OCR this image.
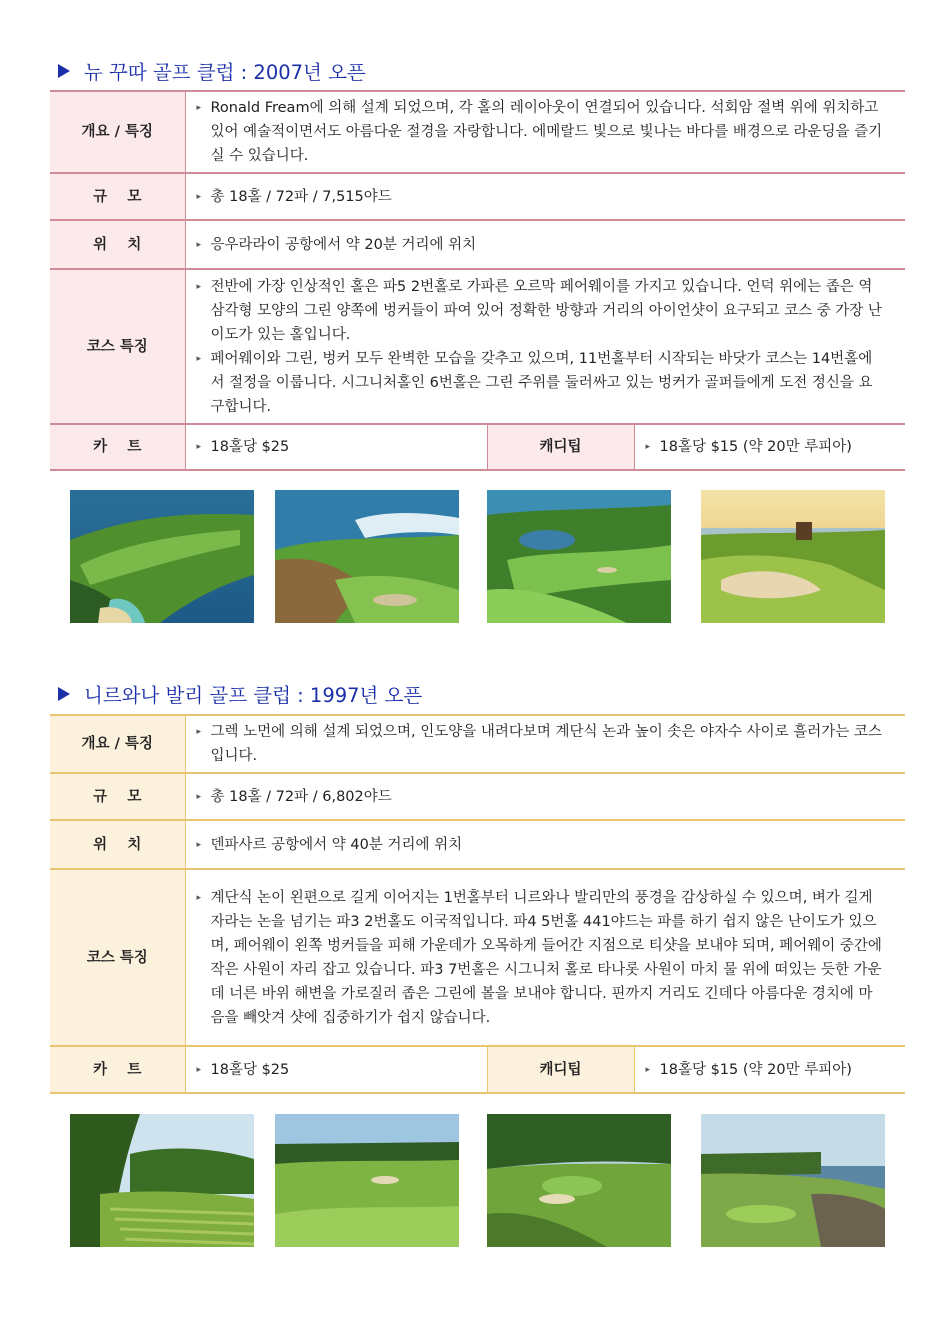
뉴 꾸따 골프 클럽 : 2007년 오픈
개요 / 특징	▸ Ronald Fream에 의해 설계 되었으며, 각 홀의 레이아웃이 연결되어 있습니다. 석회암 절벽 위에 위치하고 있어 예술적이면서도 아름다운 절경을 자랑합니다. 에메랄드 빛으로 빛나는 바다를 배경으로 라운딩을 즐기실 수 있습니다.		

규    모	▸ 총 18홀 / 72파 / 7,515야드		

위    치	▸ 응우라라이 공항에서 약 20분 거리에 위치		

코스 특징	▸ 전반에 가장 인상적인 홀은 파5 2번홀로 가파른 오르막 페어웨이를 가지고 있습니다. 언덕 위에는 좁은 역삼각형 모양의 그린 양쪽에 벙커들이 파여 있어 정확한 방향과 거리의 아이언샷이 요구되고 코스 중 가장 난이도가 있는 홀입니다.
▸ 페어웨이와 그린, 벙커 모두 완벽한 모습을 갖추고 있으며, 11번홀부터 시작되는 바닷가 코스는 14번홀에서 절정을 이룹니다. 시그니처홀인 6번홀은 그린 주위를 둘러싸고 있는 벙커가 골퍼들에게 도전 정신을 요구합니다.		

카    트	▸ 18홀당 $25	캐디팁	▸ 18홀당 $15 (약 20만 루피아)
니르와나 발리 골프 클럽 : 1997년 오픈
개요 / 특징	▸ 그렉 노먼에 의해 설계 되었으며, 인도양을 내려다보며 계단식 논과 높이 솟은 야자수 사이로 흘러가는 코스입니다.		

규    모	▸ 총 18홀 / 72파 / 6,802야드		

위    치	▸ 덴파사르 공항에서 약 40분 거리에 위치		

코스 특징	▸ 계단식 논이 왼편으로 길게 이어지는 1번홀부터 니르와나 발리만의 풍경을 감상하실 수 있으며, 벼가 길게 자라는 논을 넘기는 파3 2번홀도 이국적입니다. 파4 5번홀 441야드는 파를 하기 쉽지 않은 난이도가 있으며, 페어웨이 왼쪽 벙커들을 피해 가운데가 오목하게 들어간 지점으로 티샷을 보내야 되며, 페어웨이 중간에 작은 사원이 자리 잡고 있습니다. 파3 7번홀은 시그니처 홀로 타나롯 사원이 마치 물 위에 떠있는 듯한 가운데 너른 바위 해변을 가로질러 좁은 그린에 볼을 보내야 합니다. 핀까지 거리도 긴데다 아름다운 경치에 마음을 빼앗겨 샷에 집중하기가 쉽지 않습니다.		

카    트	▸ 18홀당 $25	캐디팁	▸ 18홀당 $15 (약 20만 루피아)
